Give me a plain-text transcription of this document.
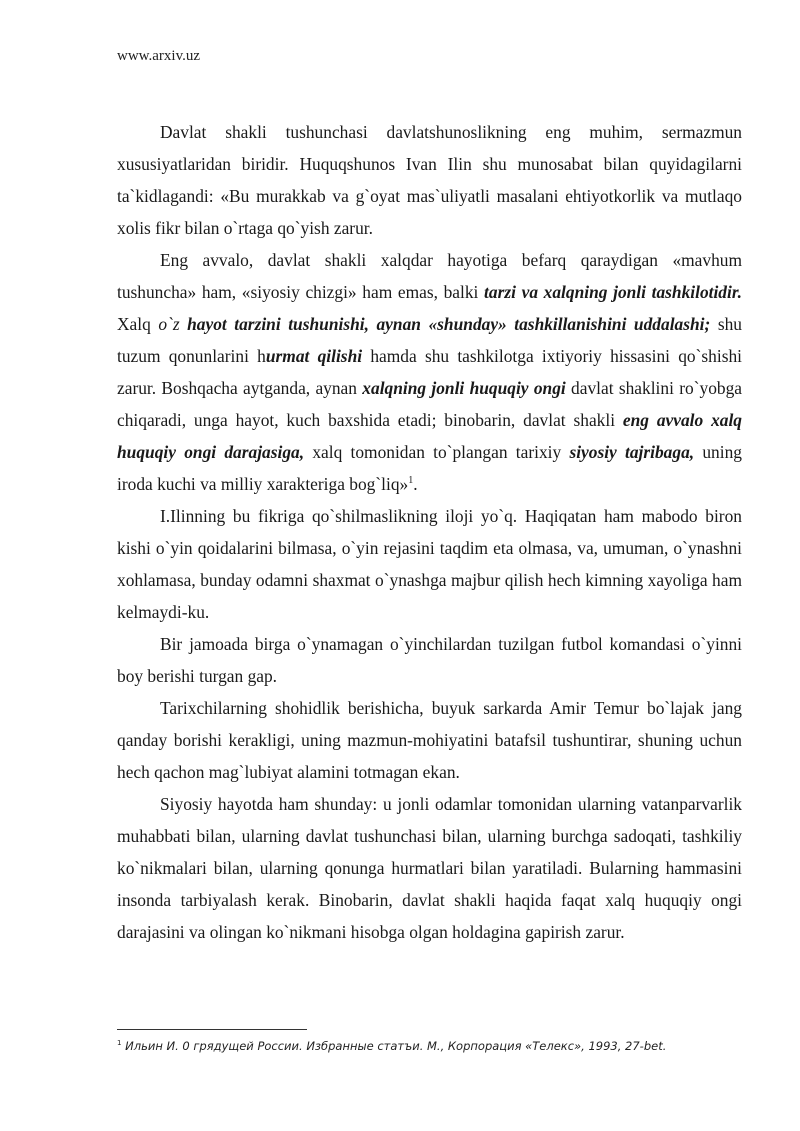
www.arxiv.uz

Davlat shakli tushunchasi davlatshunoslikning eng muhim, sermazmun xususiyatlaridan biridir. Huquqshunos Ivan Ilin shu munosabat bilan quyidagilarni ta`kidlagandi: «Bu murakkab va g`oyat mas`uliyatli masalani ehtiyotkorlik va mutlaqo xolis fikr bilan o`rtaga qo`yish zarur.

Eng avvalo, davlat shakli xalqdar hayotiga befarq qaraydigan «mavhum tushuncha» ham, «siyosiy chizgi» ham emas, balki tarzi va xalqning jonli tashkilotidir. Xalq o`z hayot tarzini tushunishi, aynan «shunday» tashkillanishini uddalashi; shu tuzum qonunlarini hurmat qilishi hamda shu tashkilotga ixtiyoriy hissasini qo`shishi zarur. Boshqacha aytganda, aynan xalqning jonli huquqiy ongi davlat shaklini ro`yobga chiqaradi, unga hayot, kuch baxshida etadi; binobarin, davlat shakli eng avvalo xalq huquqiy ongi darajasiga, xalq tomonidan to`plangan tarixiy siyosiy tajribaga, uning iroda kuchi va milliy xarakteriga bog`liq»$^1$.

I.Ilinning bu fikriga qo`shilmaslikning iloji yo`q. Haqiqatan ham mabodo biron kishi o`yin qoidalarini bilmasa, o`yin rejasini taqdim eta olmasa, va, umuman, o`ynashni xohlamasa, bunday odamni shaxmat o`ynashga majbur qilish hech kimning xayoliga ham kelmaydi-ku.

Bir jamoada birga o`ynamagan o`yinchilardan tuzilgan futbol komandasi o`yinni boy berishi turgan gap.

Tarixchilarning shohidlik berishicha, buyuk sarkarda Amir Temur bo`lajak jang qanday borishi kerakligi, uning mazmun-mohiyatini batafsil tushuntirar, shuning uchun hech qachon mag`lubiyat alamini totmagan ekan.

Siyosiy hayotda ham shunday: u jonli odamlar tomonidan ularning vatanparvarlik muhabbati bilan, ularning davlat tushunchasi bilan, ularning burchga sadoqati, tashkiliy ko`nikmalari bilan, ularning qonunga hurmatlari bilan yaratiladi. Bularning hammasini insonda tarbiyalash kerak. Binobarin, davlat shakli haqida faqat xalq huquqiy ongi darajasini va olingan ko`nikmani hisobga olgan holdagina gapirish zarur.

$^1$ Ильин И. 0 грядущей России. Избранные статъи. М., Корпорация «Телекс», 1993, 27-bet.
